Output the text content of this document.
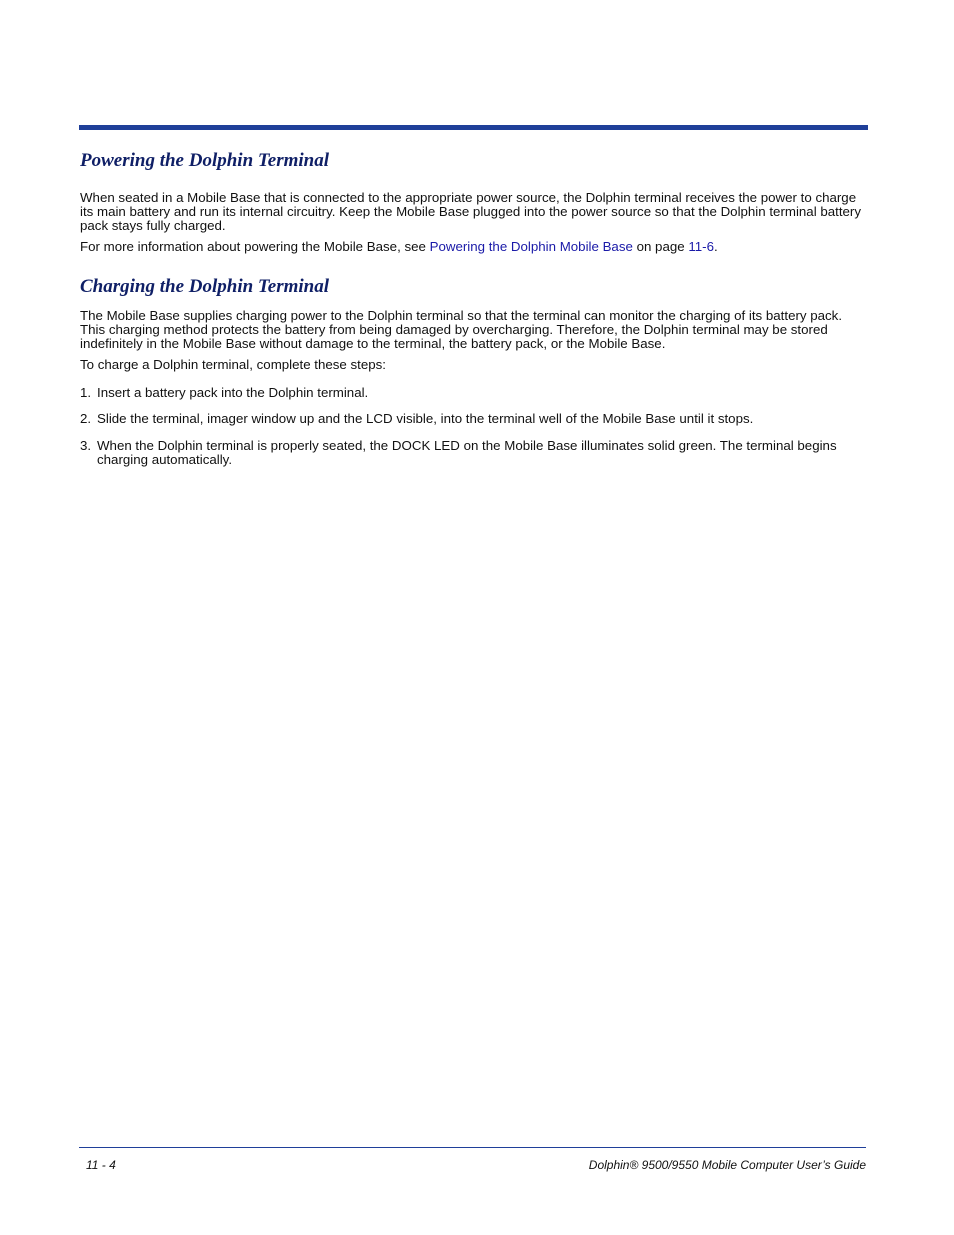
Powering the Dolphin Terminal

When seated in a Mobile Base that is connected to the appropriate power source, the Dolphin terminal receives the power to charge its main battery and run its internal circuitry. Keep the Mobile Base plugged into the power source so that the Dolphin terminal battery pack stays fully charged.

For more information about powering the Mobile Base, see Powering the Dolphin Mobile Base on page 11-6.

Charging the Dolphin Terminal

The Mobile Base supplies charging power to the Dolphin terminal so that the terminal can monitor the charging of its battery pack. This charging method protects the battery from being damaged by overcharging. Therefore, the Dolphin terminal may be stored indefinitely in the Mobile Base without damage to the terminal, the battery pack, or the Mobile Base.

To charge a Dolphin terminal, complete these steps:

1. Insert a battery pack into the Dolphin terminal.
2. Slide the terminal, imager window up and the LCD visible, into the terminal well of the Mobile Base until it stops.
3. When the Dolphin terminal is properly seated, the DOCK LED on the Mobile Base illuminates solid green. The terminal begins charging automatically.
11 - 4	Dolphin® 9500/9550 Mobile Computer User’s Guide
